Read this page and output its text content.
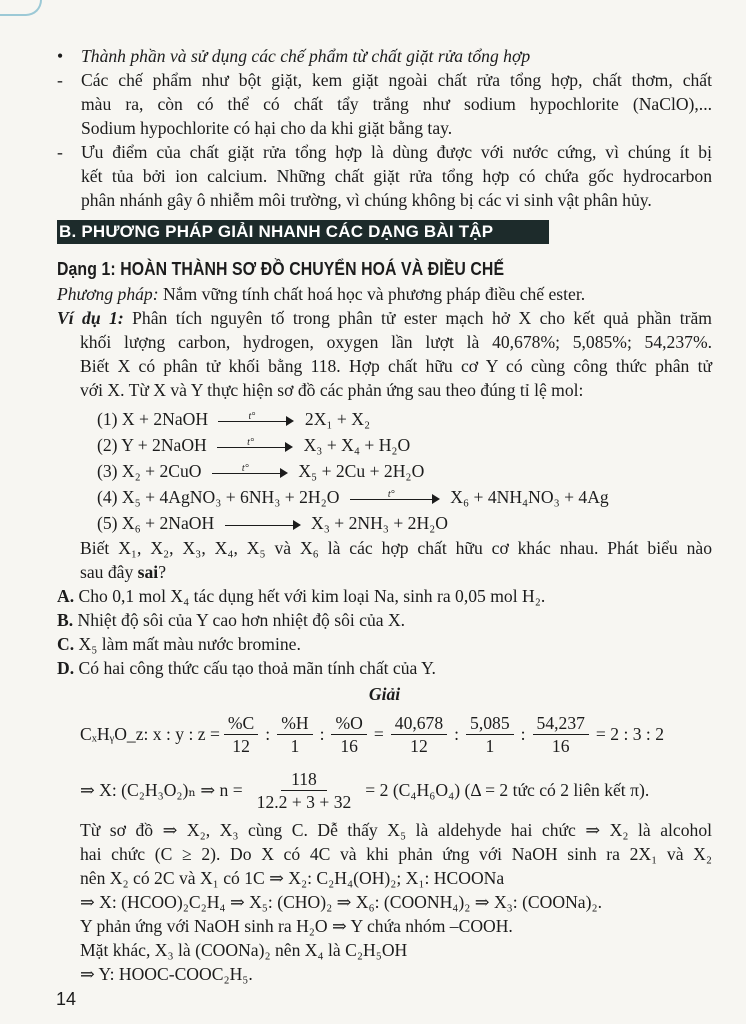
•	Thành phần và sử dụng các chế phẩm từ chất giặt rửa tổng hợp
-	Các chế phẩm như bột giặt, kem giặt ngoài chất rửa tổng hợp, chất thơm, chất
màu ra, còn có thể có chất tẩy trắng như sodium hypochlorite (NaClO),...
Sodium hypochlorite có hại cho da khi giặt bằng tay.
-	Ưu điểm của chất giặt rửa tổng hợp là dùng được với nước cứng, vì chúng ít bị
kết tủa bởi ion calcium. Những chất giặt rửa tổng hợp có chứa gốc hydrocarbon
phân nhánh gây ô nhiễm môi trường, vì chúng không bị các vi sinh vật phân hủy.
B. PHƯƠNG PHÁP GIẢI NHANH CÁC DẠNG BÀI TẬP
Dạng 1: HOÀN THÀNH SƠ ĐỒ CHUYỂN HOÁ VÀ ĐIỀU CHẾ
Phương pháp: Nắm vững tính chất hoá học và phương pháp điều chế ester.
Ví dụ 1: Phân tích nguyên tố trong phân tử ester mạch hở X cho kết quả phần trăm
khối lượng carbon, hydrogen, oxygen lần lượt là 40,678%; 5,085%; 54,237%.
Biết X có phân tử khối bằng 118. Hợp chất hữu cơ Y có cùng công thức phân tử
với X. Từ X và Y thực hiện sơ đồ các phản ứng sau theo đúng tỉ lệ mol:
(1) X + 2NaOH	t°	2X₁ + X₂
(2) Y + 2NaOH	t°	X₃ + X₄ + H₂O
(3) X₂ + 2CuO	t°	X₅ + 2Cu + 2H₂O
(4) X₅ + 4AgNO₃ + 6NH₃ + 2H₂O	t°	X₆ + 4NH₄NO₃ + 4Ag
(5) X₆ + 2NaOH	X₃ + 2NH₃ + 2H₂O
Biết X₁, X₂, X₃, X₄, X₅ và X₆ là các hợp chất hữu cơ khác nhau. Phát biểu nào
sau đây sai?
A. Cho 0,1 mol X₄ tác dụng hết với kim loại Na, sinh ra 0,05 mol H₂.
B. Nhiệt độ sôi của Y cao hơn nhiệt độ sôi của X.
C. X₅ làm mất màu nước bromine.
D. Có hai công thức cấu tạo thoả mãn tính chất của Y.
Giải
CₓHᵧO_z: x : y : $z = \frac{\%C}{12}$ : $\frac{\%H}{1}$ : $\frac{\%O}{16} = \frac{40,678}{12}$ : $\frac{5,085}{1}$ : $\frac{54,237}{16} = 2$ : 3 : 2
⇒ X: (C₂H₃O₂)ₙ ⇒ $n = \frac{118}{12.2 + 3 + 32} = 2$ (C₄H₆O₄) (Δ = 2 tức có 2 liên kết π).
Từ sơ đồ ⇒ X₂, X₃ cùng C. Dễ thấy X₅ là aldehyde hai chức ⇒ X₂ là alcohol
hai chức (C ≥ 2). Do X có 4C và khi phản ứng với NaOH sinh ra 2X₁ và X₂
nên X₂ có 2C và X₁ có 1C ⇒ X₂: C₂H₄(OH)₂; X₁: HCOONa
⇒ X: (HCOO)₂C₂H₄ ⇒ X₅: (CHO)₂ ⇒ X₆: (COONH₄)₂ ⇒ X₃: (COONa)₂.
Y phản ứng với NaOH sinh ra H₂O ⇒ Y chứa nhóm –COOH.
Mặt khác, X₃ là (COONa)₂ nên X₄ là C₂H₅OH
⇒ Y: HOOC-COOC₂H₅.
14
